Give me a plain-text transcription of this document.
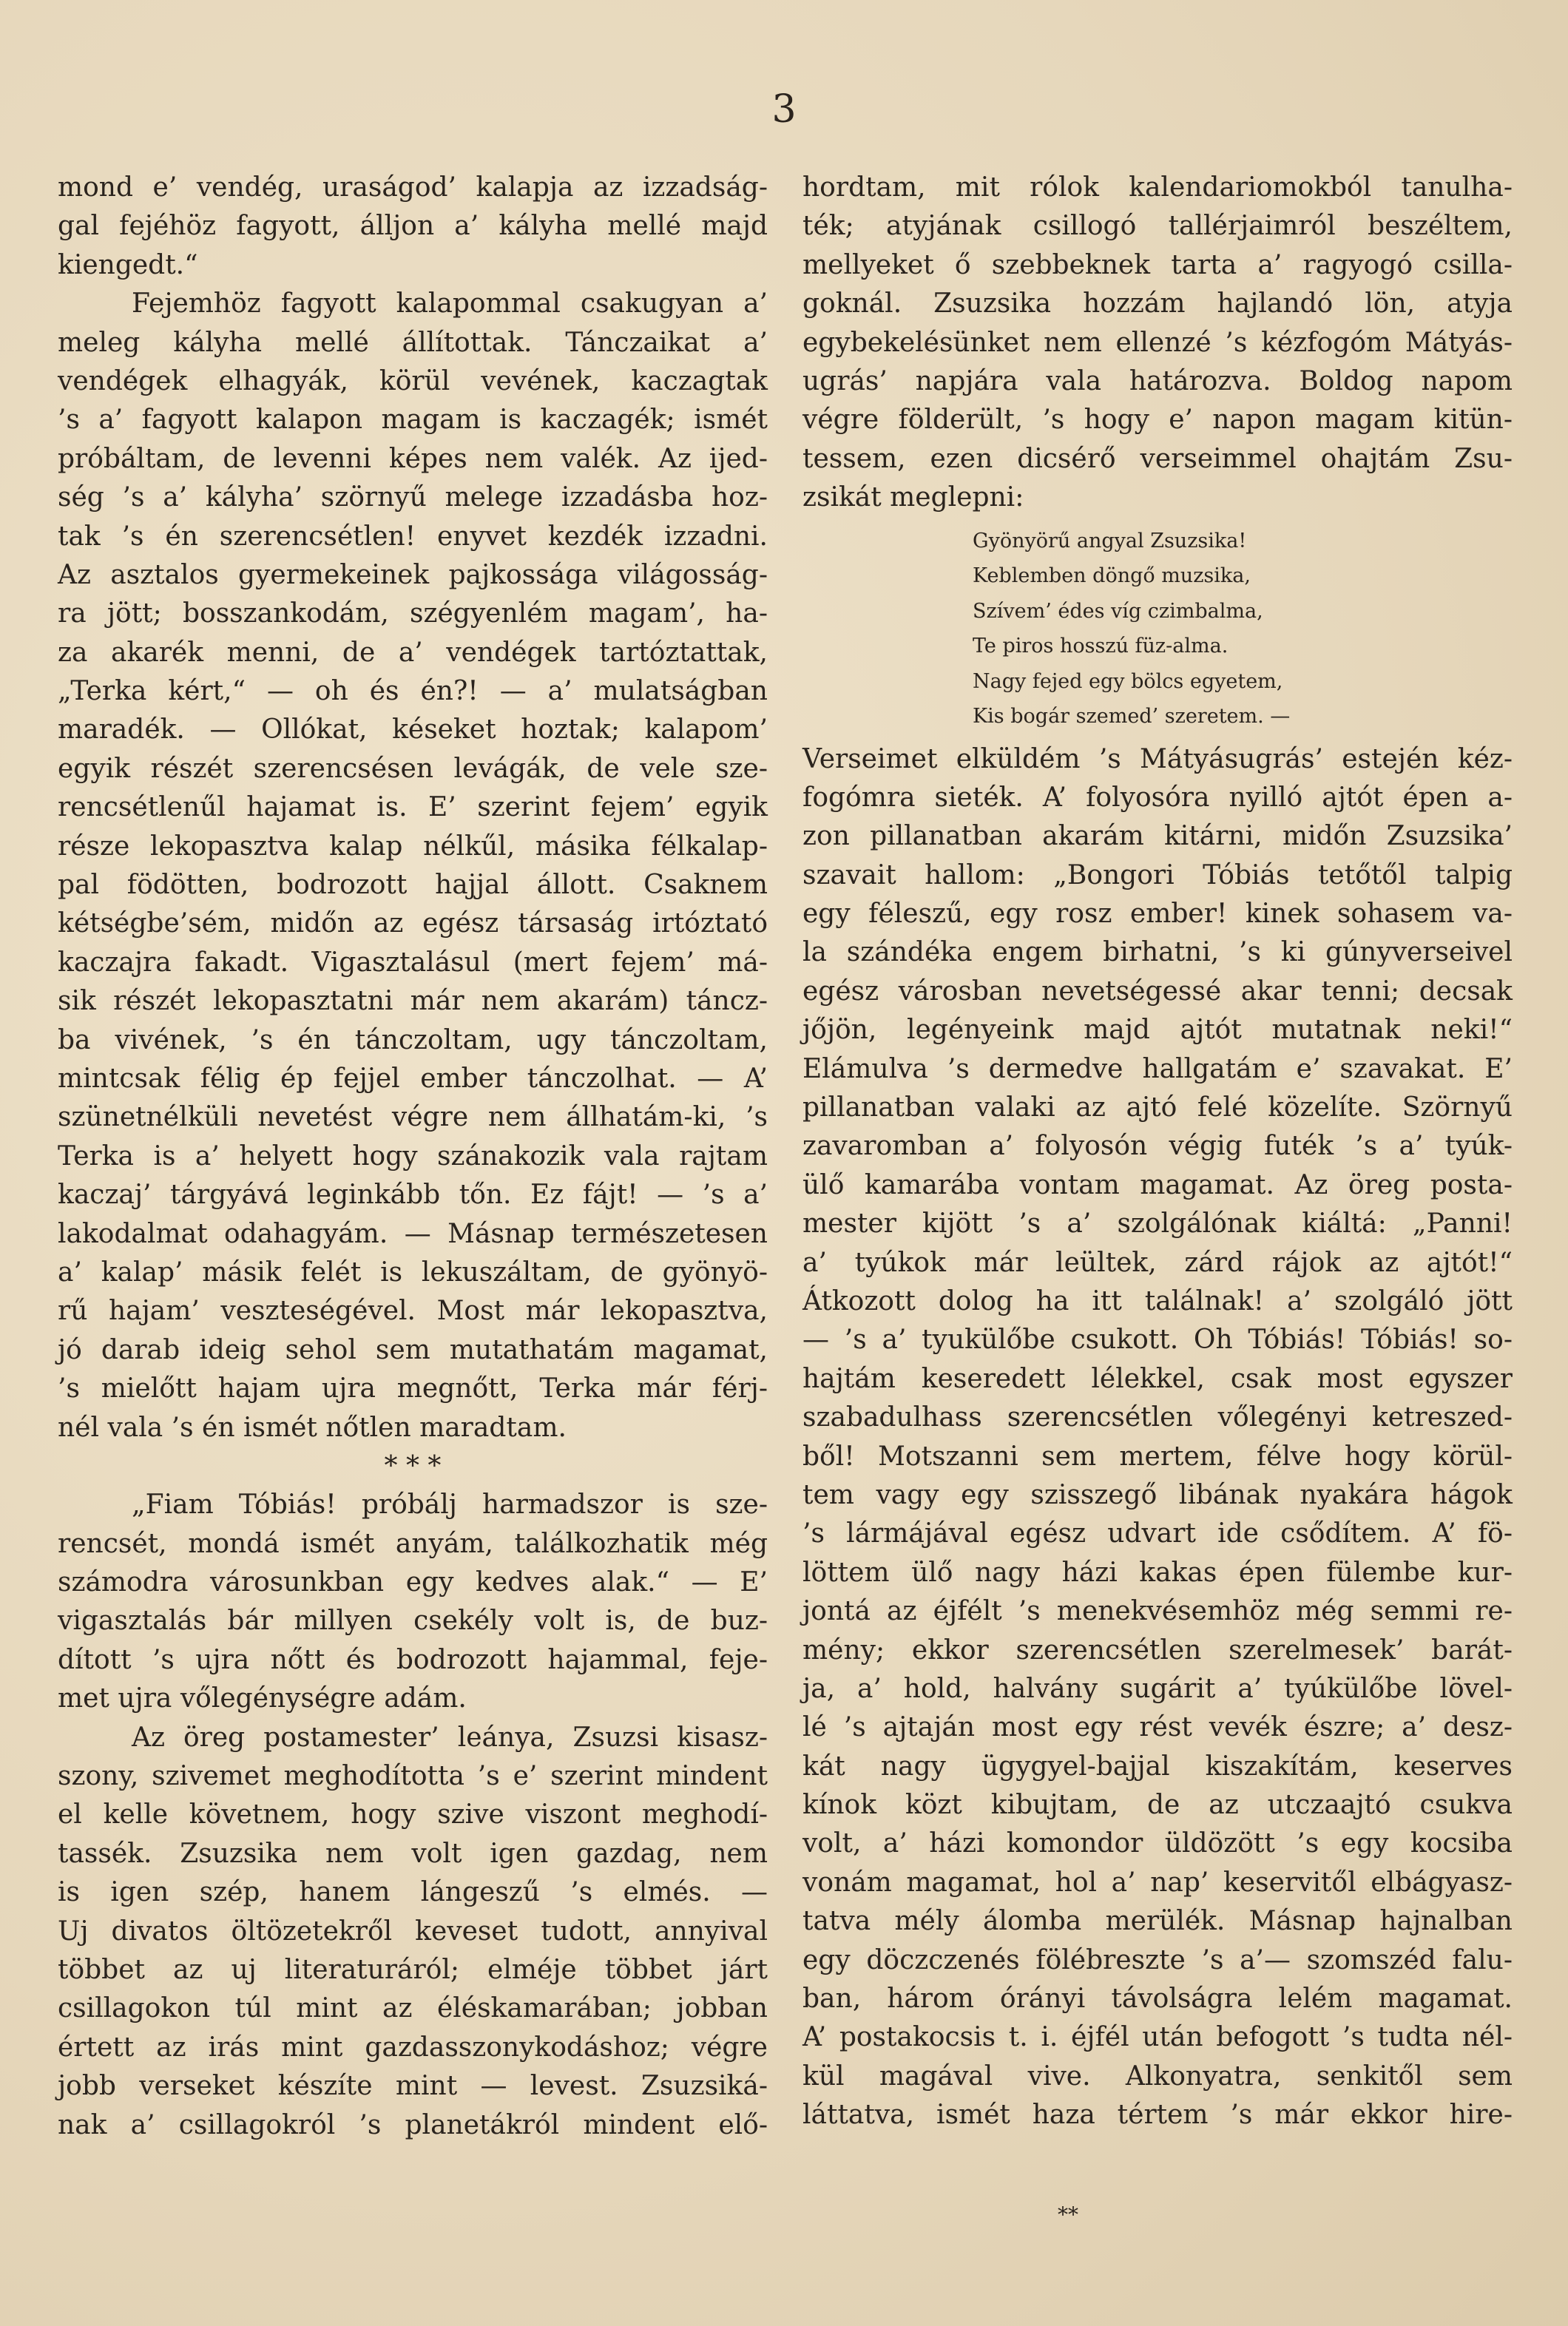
3
mond e’ vendég, uraságod’ kalapja az izzadság-
gal fejéhöz fagyott, álljon a’ kályha mellé majd
kiengedt.“
Fejemhöz fagyott kalapommal csakugyan a’
meleg kályha mellé állítottak. Tánczaikat a’
vendégek elhagyák, körül vevének, kaczagtak
’s a’ fagyott kalapon magam is kaczagék; ismét
próbáltam, de levenni képes nem valék. Az ijed-
ség ’s a’ kályha’ szörnyű melege izzadásba hoz-
tak ’s én szerencsétlen! enyvet kezdék izzadni.
Az asztalos gyermekeinek pajkossága világosság-
ra jött; bosszankodám, szégyenlém magam’, ha-
za akarék menni, de a’ vendégek tartóztattak,
„Terka kért,“ — oh és én?! — a’ mulatságban
maradék. — Ollókat, késeket hoztak; kalapom’
egyik részét szerencsésen levágák, de vele sze-
rencsétlenűl hajamat is. E’ szerint fejem’ egyik
része lekopasztva kalap nélkűl, másika félkalap-
pal födötten, bodrozott hajjal állott. Csaknem
kétségbe’sém, midőn az egész társaság irtóztató
kaczajra fakadt. Vigasztalásul (mert fejem’ má-
sik részét lekopasztatni már nem akarám) táncz-
ba vivének, ’s én tánczoltam, ugy tánczoltam,
mintcsak félig ép fejjel ember tánczolhat. — A’
szünetnélküli nevetést végre nem állhatám-ki, ’s
Terka is a’ helyett hogy szánakozik vala rajtam
kaczaj’ tárgyává leginkább tőn. Ez fájt! — ’s a’
lakodalmat odahagyám. — Másnap természetesen
a’ kalap’ másik felét is lekuszáltam, de gyönyö-
rű hajam’ veszteségével. Most már lekopasztva,
jó darab ideig sehol sem mutathatám magamat,
’s mielőtt hajam ujra megnőtt, Terka már férj-
nél vala ’s én ismét nőtlen maradtam.
* * *
„Fiam Tóbiás! próbálj harmadszor is sze-
rencsét, mondá ismét anyám, találkozhatik még
számodra városunkban egy kedves alak.“ — E’
vigasztalás bár millyen csekély volt is, de buz-
dított ’s ujra nőtt és bodrozott hajammal, feje-
met ujra vőlegénységre adám.
Az öreg postamester’ leánya, Zsuzsi kisasz-
szony, szivemet meghodította ’s e’ szerint mindent
el kelle követnem, hogy szive viszont meghodí-
tassék. Zsuzsika nem volt igen gazdag, nem
is igen szép, hanem lángeszű ’s elmés. —
Uj divatos öltözetekről keveset tudott, annyival
többet az uj literaturáról; elméje többet járt
csillagokon túl mint az éléskamarában; jobban
értett az irás mint gazdasszonykodáshoz; végre
jobb verseket készíte mint — levest. Zsuzsiká-
nak a’ csillagokról ’s planetákról mindent elő-
hordtam, mit rólok kalendariomokból tanulha-
ték; atyjának csillogó tallérjaimról beszéltem,
mellyeket ő szebbeknek tarta a’ ragyogó csilla-
goknál. Zsuzsika hozzám hajlandó lön, atyja
egybekelésünket nem ellenzé ’s kézfogóm Mátyás-
ugrás’ napjára vala határozva. Boldog napom
végre földerült, ’s hogy e’ napon magam kitün-
tessem, ezen dicsérő verseimmel ohajtám Zsu-
zsikát meglepni:
Gyönyörű angyal Zsuzsika!
Keblemben döngő muzsika,
Szívem’ édes víg czimbalma,
Te piros hosszú füz-alma.
Nagy fejed egy bölcs egyetem,
Kis bogár szemed’ szeretem. —
Verseimet elküldém ’s Mátyásugrás’ estején kéz-
fogómra sieték. A’ folyosóra nyilló ajtót épen a-
zon pillanatban akarám kitárni, midőn Zsuzsika’
szavait hallom: „Bongori Tóbiás tetőtől talpig
egy féleszű, egy rosz ember! kinek sohasem va-
la szándéka engem birhatni, ’s ki gúnyverseivel
egész városban nevetségessé akar tenni; decsak
jőjön, legényeink majd ajtót mutatnak neki!“
Elámulva ’s dermedve hallgatám e’ szavakat. E’
pillanatban valaki az ajtó felé közelíte. Szörnyű
zavaromban a’ folyosón végig futék ’s a’ tyúk-
ülő kamarába vontam magamat. Az öreg posta-
mester kijött ’s a’ szolgálónak kiáltá: „Panni!
a’ tyúkok már leültek, zárd rájok az ajtót!“
Átkozott dolog ha itt találnak! a’ szolgáló jött
— ’s a’ tyukülőbe csukott. Oh Tóbiás! Tóbiás! so-
hajtám keseredett lélekkel, csak most egyszer
szabadulhass szerencsétlen vőlegényi ketreszed-
ből! Motszanni sem mertem, félve hogy körül-
tem vagy egy szisszegő libának nyakára hágok
’s lármájával egész udvart ide csődítem. A’ fö-
löttem ülő nagy házi kakas épen fülembe kur-
jontá az éjfélt ’s menekvésemhöz még semmi re-
mény; ekkor szerencsétlen szerelmesek’ barát-
ja, a’ hold, halvány sugárit a’ tyúkülőbe lövel-
lé ’s ajtaján most egy rést vevék észre; a’ desz-
kát nagy ügygyel-bajjal kiszakítám, keserves
kínok közt kibujtam, de az utczaajtó csukva
volt, a’ házi komondor üldözött ’s egy kocsiba
vonám magamat, hol a’ nap’ keservitől elbágyasz-
tatva mély álomba merülék. Másnap hajnalban
egy döczczenés fölébreszte ’s a’— szomszéd falu-
ban, három órányi távolságra lelém magamat.
A’ postakocsis t. i. éjfél után befogott ’s tudta nél-
kül magával vive. Alkonyatra, senkitől sem
láttatva, ismét haza tértem ’s már ekkor hire-
**
